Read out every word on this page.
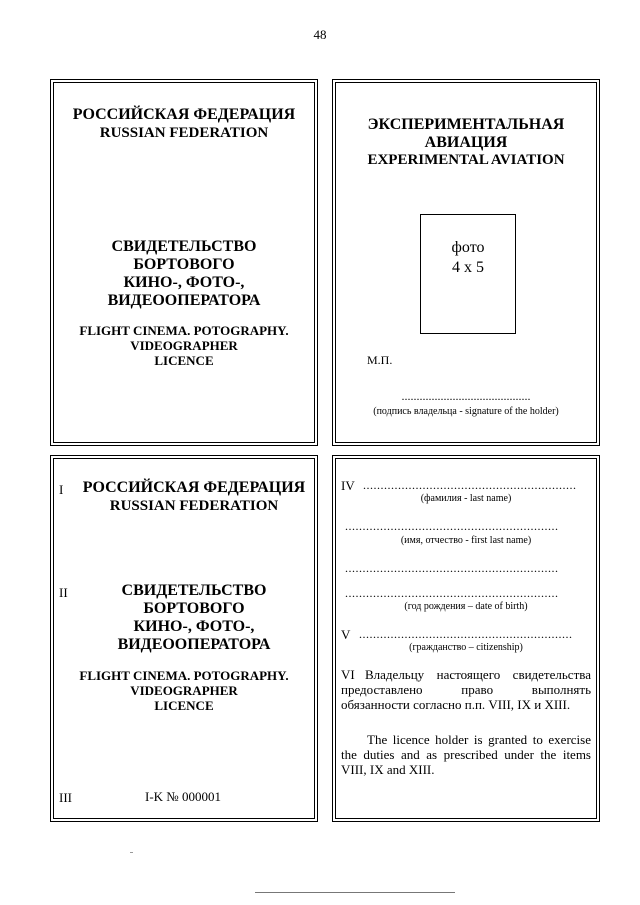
48
РОССИЙСКАЯ ФЕДЕРАЦИЯ
RUSSIAN FEDERATION
СВИДЕТЕЛЬСТВО
БОРТОВОГО
КИНО-, ФОТО-,
ВИДЕООПЕРАТОРА
FLIGHT CINEMA. POTOGRAPHY.
VIDEOGRAPHER
LICENCE
ЭКСПЕРИМЕНТАЛЬНАЯ
АВИАЦИЯ
EXPERIMENTAL AVIATION
фото
4 x 5
М.П.
...........................................
(подпись владельца - signature of the holder)
I	РОССИЙСКАЯ ФЕДЕРАЦИЯ
RUSSIAN FEDERATION
II	СВИДЕТЕЛЬСТВО
БОРТОВОГО
КИНО-, ФОТО-,
ВИДЕООПЕРАТОРА
FLIGHT CINEMA. POTOGRAPHY.
VIDEOGRAPHER
LICENCE
III	I-K № 000001
IV .............................................................
(фамилия - last name)
.............................................................
(имя, отчество - first last name)
.............................................................
.............................................................
(год рождения – date of birth)
V .............................................................
(гражданство – citizenship)
VI Владельцу настоящего свидетельства предоставлено право выполнять обязанности согласно п.п. VIII, IX и XIII.
The licence holder is granted to exercise the duties and as prescribed under the items VIII, IX and XIII.
